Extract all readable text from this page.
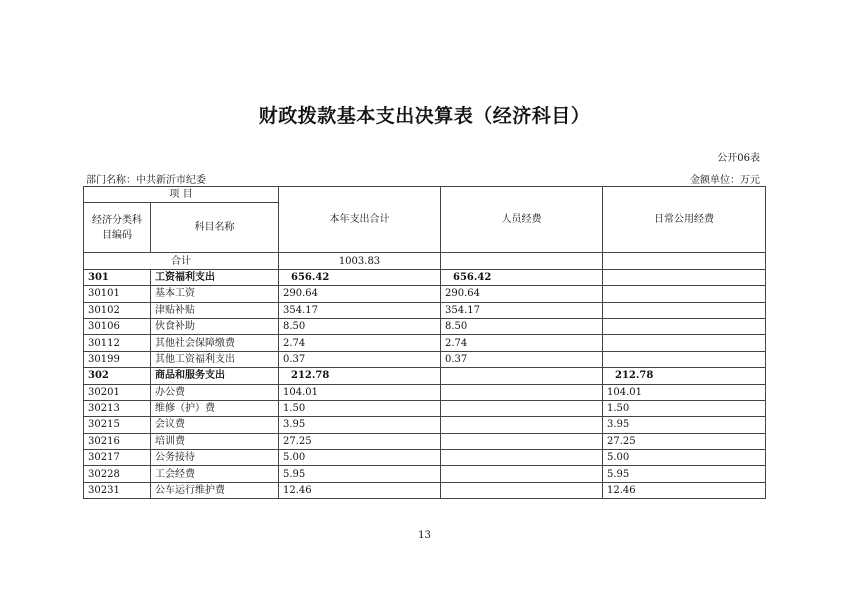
财政拨款基本支出决算表（经济科目）
公开06表
部门名称：中共新沂市纪委	金额单位：万元
项 目		本年支出合计	人员经费	日常公用经费
经济分类科目编码	科目名称			
合计		1003.83		
301	工资福利支出	656.42	656.42	
30101	基本工资	290.64	290.64	
30102	津贴补贴	354.17	354.17	
30106	伙食补助	8.50	8.50	
30112	其他社会保障缴费	2.74	2.74	
30199	其他工资福利支出	0.37	0.37	
302	商品和服务支出	212.78		212.78
30201	办公费	104.01		104.01
30213	维修（护）费	1.50		1.50
30215	会议费	3.95		3.95
30216	培训费	27.25		27.25
30217	公务接待	5.00		5.00
30228	工会经费	5.95		5.95
30231	公车运行维护费	12.46		12.46
13
